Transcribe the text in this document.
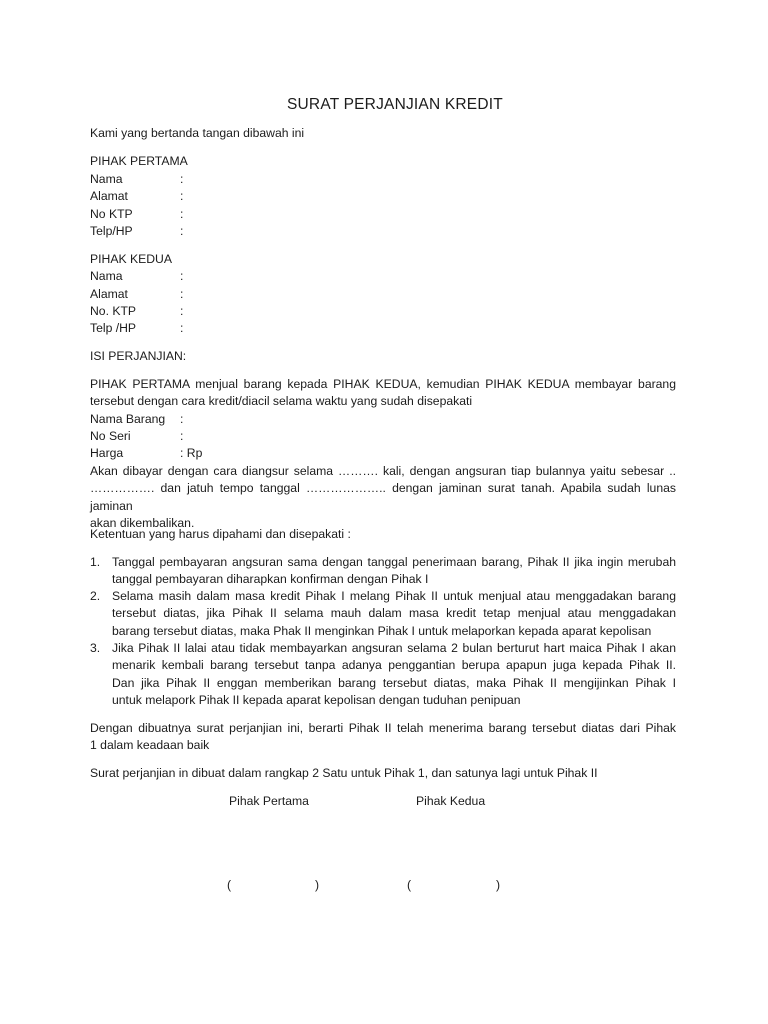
SURAT PERJANJIAN KREDIT
Kami yang bertanda tangan dibawah ini
PIHAK PERTAMA
Nama	:
Alamat	:
No KTP	:
Telp/HP	:
PIHAK KEDUA
Nama	:
Alamat	:
No. KTP	:
Telp /HP	:
ISI PERJANJIAN:
PIHAK PERTAMA menjual barang kepada PIHAK KEDUA, kemudian PIHAK KEDUA membayar barang
tersebut dengan cara kredit/diacil selama waktu yang sudah disepakati
Nama Barang :
No Seri	:
Harga	: Rp
Akan dibayar dengan cara diangsur selama ………. kali, dengan angsuran tiap bulannya yaitu sebesar ..
……………. dan jatuh tempo tanggal ……………….. dengan jaminan surat tanah. Apabila sudah lunas jaminan
akan dikembalikan.
Ketentuan yang harus dipahami dan disepakati :
1. Tanggal pembayaran angsuran sama dengan tanggal penerimaan barang, Pihak II jika ingin merubah
tanggal pembayaran diharapkan konfirman dengan Pihak I
2. Selama masih dalam masa kredit Pihak I melang Pihak II untuk menjual atau menggadakan barang
tersebut diatas, jika Pihak II selama mauh dalam masa kredit tetap menjual atau menggadakan
barang tersebut diatas, maka Phak II menginkan Pihak I untuk melaporkan kepada aparat kepolisan
3. Jika Pihak II lalai atau tidak membayarkan angsuran selama 2 bulan berturut hart maica Pihak I akan
menarik kembali barang tersebut tanpa adanya penggantian berupa apapun juga kepada Pihak II.
Dan jika Pihak II enggan memberikan barang tersebut diatas, maka Pihak II mengijinkan Pihak I
untuk melapork Pihak II kepada aparat kepolisan dengan tuduhan penipuan
Dengan dibuatnya surat perjanjian ini, berarti Pihak II telah menerima barang tersebut diatas dari Pihak
1 dalam keadaan baik
Surat perjanjian in dibuat dalam rangkap 2 Satu untuk Pihak 1, dan satunya lagi untuk Pihak II
Pihak Pertama	Pihak Kedua
(	)	(	)
